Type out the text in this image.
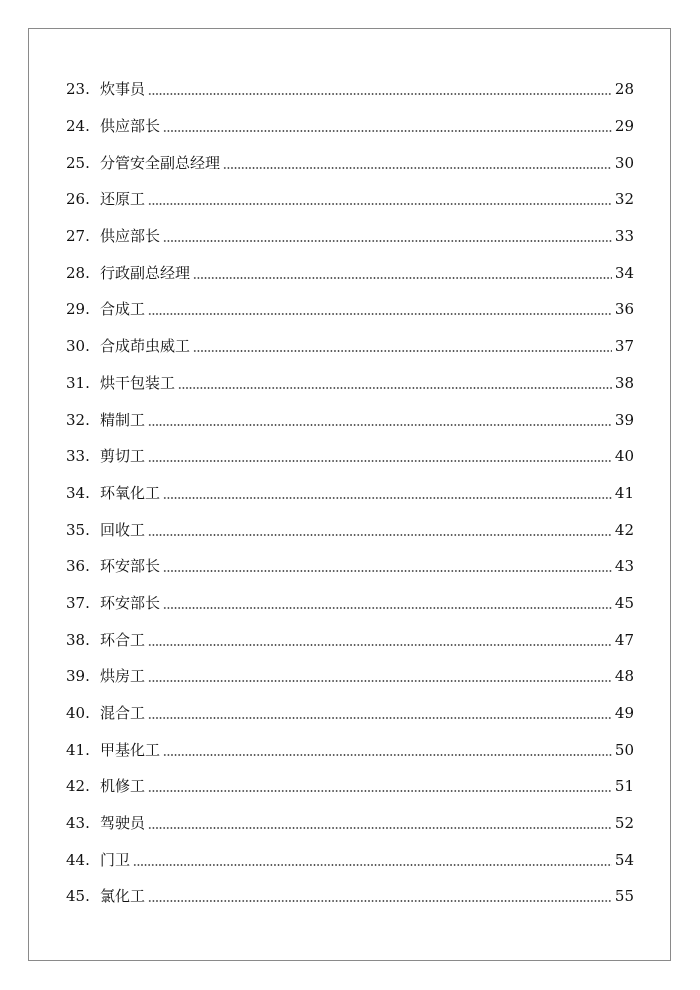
23. 炊事员	28
24. 供应部长	29
25. 分管安全副总经理	30
26. 还原工	32
27. 供应部长	33
28. 行政副总经理	34
29. 合成工	36
30. 合成茚虫威工	37
31. 烘干包装工	38
32. 精制工	39
33. 剪切工	40
34. 环氧化工	41
35. 回收工	42
36. 环安部长	43
37. 环安部长	45
38. 环合工	47
39. 烘房工	48
40. 混合工	49
41. 甲基化工	50
42. 机修工	51
43. 驾驶员	52
44. 门卫	54
45. 氯化工	55
